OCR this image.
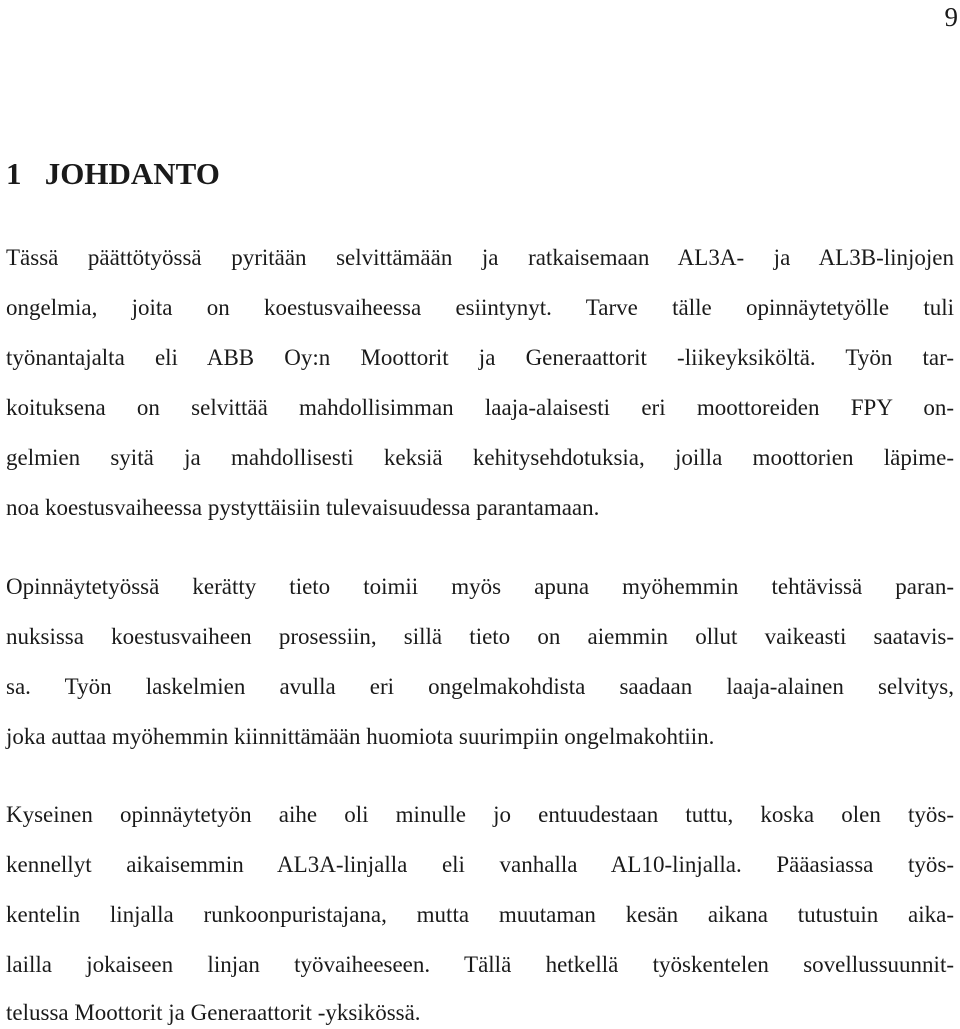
9
1 JOHDANTO
Tässä päättötyössä pyritään selvittämään ja ratkaisemaan AL3A- ja AL3B-linjojen
ongelmia, joita on koestusvaiheessa esiintynyt. Tarve tälle opinnäytetyölle tuli
työnantajalta eli ABB Oy:n Moottorit ja Generaattorit -liikeyksiköltä. Työn tar-
koituksena on selvittää mahdollisimman laaja-alaisesti eri moottoreiden FPY on-
gelmien syitä ja mahdollisesti keksiä kehitysehdotuksia, joilla moottorien läpime-
noa koestusvaiheessa pystyttäisiin tulevaisuudessa parantamaan.
Opinnäytetyössä kerätty tieto toimii myös apuna myöhemmin tehtävissä paran-
nuksissa koestusvaiheen prosessiin, sillä tieto on aiemmin ollut vaikeasti saatavis-
sa. Työn laskelmien avulla eri ongelmakohdista saadaan laaja-alainen selvitys,
joka auttaa myöhemmin kiinnittämään huomiota suurimpiin ongelmakohtiin.
Kyseinen opinnäytetyön aihe oli minulle jo entuudestaan tuttu, koska olen työs-
kennellyt aikaisemmin AL3A-linjalla eli vanhalla AL10-linjalla. Pääasiassa työs-
kentelin linjalla runkoonpuristajana, mutta muutaman kesän aikana tutustuin aika-
lailla jokaiseen linjan työvaiheeseen. Tällä hetkellä työskentelen sovellussuunnit-
telussa Moottorit ja Generaattorit -yksikössä.
